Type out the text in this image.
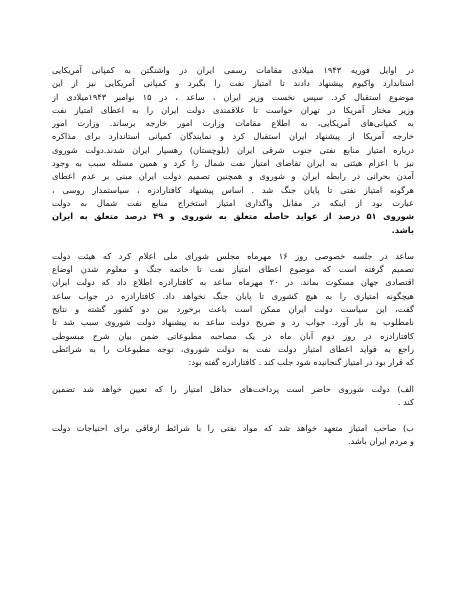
در اوایل فوریه ۱۹۴۳ میلادی مقامات رسمی ایران در واشنگتن به کمپانی آمریکایی
استاندارد واکیوم پیشنهاد دادند تا امتیاز نفت را بگیرد و کمپانی آمریکایی نیز از این
موضوع استقبال کرد. سپس نخست وزیر ایران ، ساعد ، در ۱۵ نوامبر ۱۹۴۳میلادی از
وزیر مختار آمریکا در تهران خواست تا علاقمندی دولت ایران را به اعطای امتیاز نفت
به کمپانی‌های آمریکایی، به اطلاع مقامات وزارت امور خارجه برساند. وزارت امور
خارجه آمریکا از پیشنهاد ایران استقبال کرد و نمایندگان کمپانی استاندارد برای مذاکره
درباره امتیاز منابع نفتی جنوب شرقی ایران (بلوچستان) رهسپار ایران شدند.دولت شوروی
نیز با اعزام هیئتی به ایران تقاضای امتیاز نفت شمال را کرد و همین مسئله سبب به وجود
آمدن بحرانی در رابطه ایران و شوروی و همچنین تصمیم دولت ایران مبنی بر عدم اعطای
هرگونه امتیاز نفتی تا پایان جنگ شد . اساس پیشنهاد کافتارادزه ، سیاستمدار روسی ،
عبارت بود از اینکه در مقابل واگذاری امتیاز استخراج منابع نفت شمال به دولت
شوروی ۵۱ درصد از عواید حاصله متعلق به شوروی و ۴۹ درصد متعلق به ایران
باشد.
ساعد در جلسه خصوصی روز ۱۶ مهرماه مجلس شورای ملی اعلام کرد که هیئت دولت
تصمیم گرفته است که موضوع اعطای امتیاز نفت تا خاتمه جنگ و معلوم شدن اوضاع
اقتصادی جهان مسکوت بماند. در ۲۰ مهرماه ساعد به کافتارادزه اطلاع داد که دولت ایران
هیچگونه امتیازی را به هیچ کشوری تا پایان جنگ نخواهد داد. کافتارادزه در جواب ساعد
گفت، این سیاست دولت ایران ممکن است باعث برخورد بین دو کشور گشته و نتایج
نامطلوب به بار آورد. جواب رد و صریح دولت ساعد به پیشنهاد دولت شوروی سبب شد تا
کافتارادزه در روز دوم آبان ماه در یک مصاحبه مطبوعاتی ضمن بیان شرح مبسوطی
راجع به فواید اعطای امتیاز دولت نفت به دولت شوروی، توجه مطبوعات را به شرائطی
که قرار بود در امتیاز گنجانیده شود جلب کند . کافتارادزه گفته بود:
الف) دولت شوروی حاضر است پرداخت‌های حداقل امتیاز را که تعیین خواهد شد تضمین
کند .
ب) صاحب امتیاز متعهد خواهد شد که مواد نفتی را با شرائط ارفاقی برای احتیاجات دولت
و مردم ایران باشد.
